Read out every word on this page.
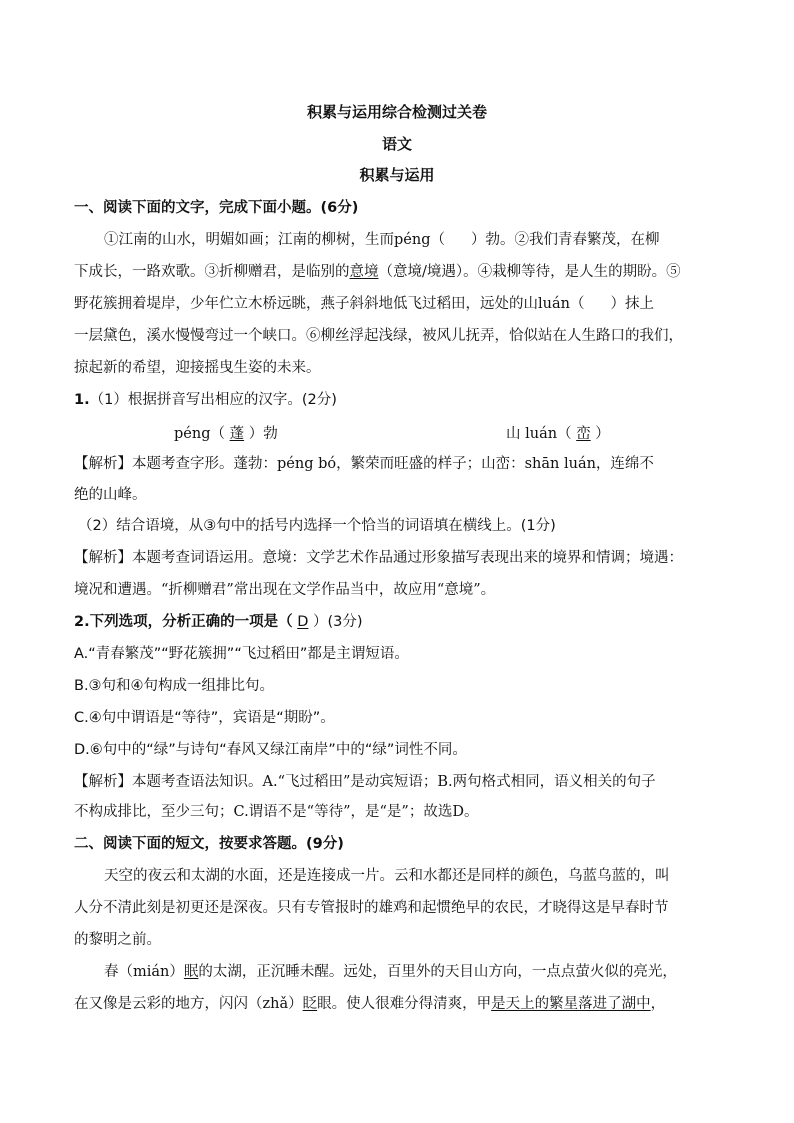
积累与运用综合检测过关卷
语文
积累与运用
一、阅读下面的文字，完成下面小题。(6分)
①江南的山水，明媚如画；江南的柳树，生而péng（ ）勃。②我们青春繁茂，在柳
下成长，一路欢歌。③折柳赠君，是临别的意境（意境/境遇）。④栽柳等待，是人生的期盼。⑤
野花簇拥着堤岸，少年伫立木桥远眺，燕子斜斜地低飞过稻田，远处的山luán（ ）抹上
一层黛色，溪水慢慢弯过一个峡口。⑥柳丝浮起浅绿，被风儿抚弄，恰似站在人生路口的我们，
掠起新的希望，迎接摇曳生姿的未来。
1.（1）根据拼音写出相应的汉字。(2分)
péng（ 蓬 ）勃	山 luán（ 峦 ）
【解析】本题考查字形。蓬勃：péng bó，繁荣而旺盛的样子；山峦：shān luán，连绵不
绝的山峰。
（2）结合语境，从③句中的括号内选择一个恰当的词语填在横线上。(1分)
【解析】本题考查词语运用。意境：文学艺术作品通过形象描写表现出来的境界和情调；境遇：
境况和遭遇。“折柳赠君”常出现在文学作品当中，故应用“意境”。
2.下列选项，分析正确的一项是（ D ）(3分)
A.“青春繁茂”“野花簇拥”“飞过稻田”都是主谓短语。
B.③句和④句构成一组排比句。
C.④句中谓语是“等待”，宾语是“期盼”。
D.⑥句中的“绿”与诗句“春风又绿江南岸”中的“绿”词性不同。
【解析】本题考查语法知识。A.“飞过稻田”是动宾短语；B.两句格式相同，语义相关的句子
不构成排比，至少三句；C.谓语不是“等待”，是“是”；故选D。
二、阅读下面的短文，按要求答题。(9分)
天空的夜云和太湖的水面，还是连接成一片。云和水都还是同样的颜色，乌蓝乌蓝的，叫
人分不清此刻是初更还是深夜。只有专管报时的雄鸡和起惯绝早的农民，才晓得这是早春时节
的黎明之前。
春（mián）眠的太湖，正沉睡未醒。远处，百里外的天目山方向，一点点萤火似的亮光，
在又像是云彩的地方，闪闪（zhǎ）眨眼。使人很难分得清爽，甲是天上的繁星落进了湖中，
